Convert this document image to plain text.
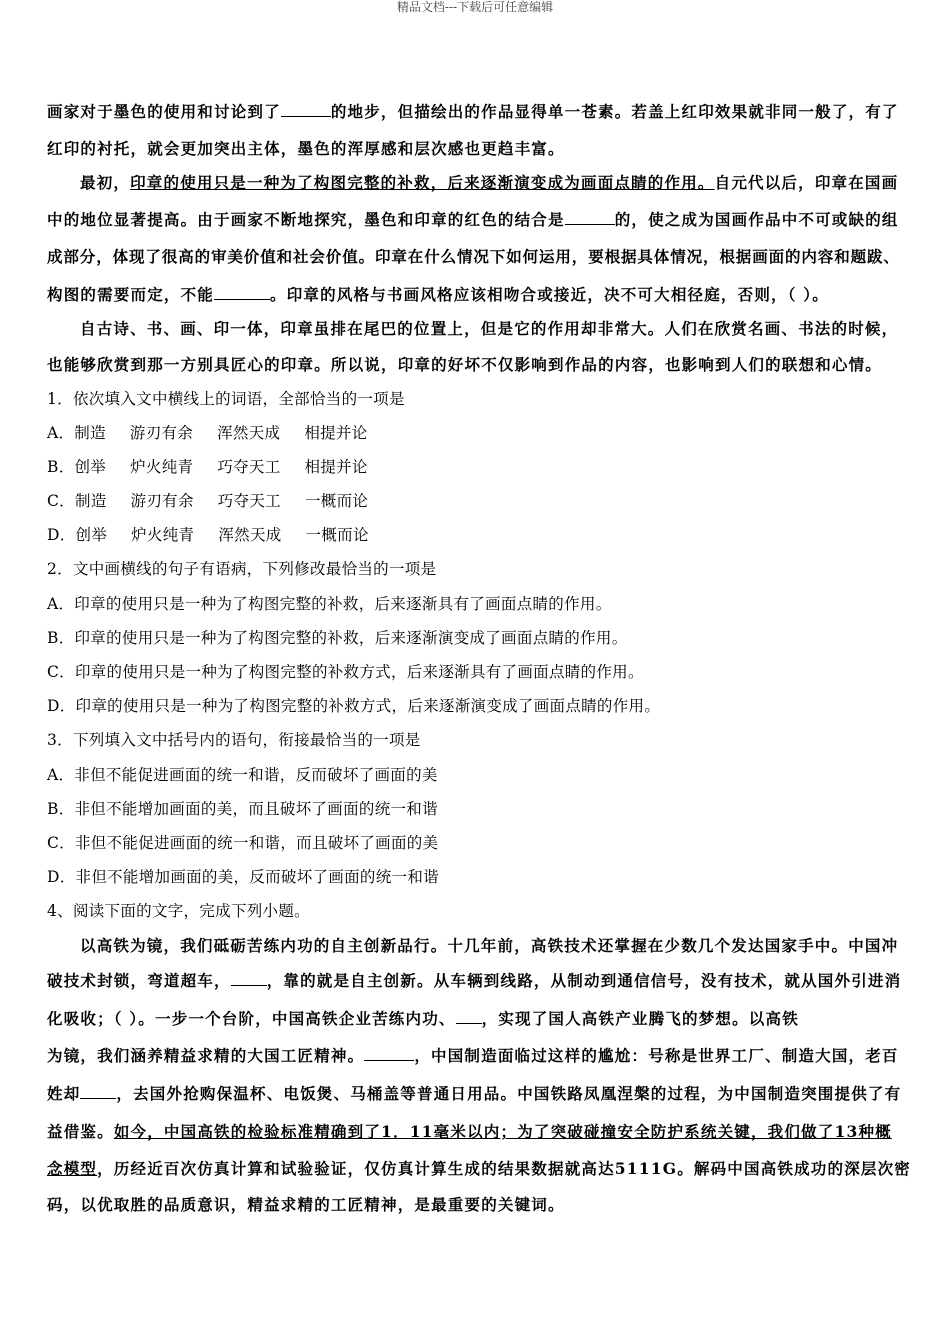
精品文档---下载后可任意编辑
画家对于墨色的使用和讨论到了	的地步，但描绘出的作品显得单一苍素。若盖上红印效果就非同一般了，有了
红印的衬托，就会更加突出主体，墨色的浑厚感和层次感也更趋丰富。
最初，印章的使用只是一种为了构图完整的补救，后来逐渐演变成为画面点睛的作用。自元代以后，印章在国画
中的地位显著提高。由于画家不断地探究，墨色和印章的红色的结合是	的，使之成为国画作品中不可或缺的组
成部分，体现了很高的审美价值和社会价值。印章在什么情况下如何运用，要根据具体情况，根据画面的内容和题跋、
构图的需要而定，不能	。印章的风格与书画风格应该相吻合或接近，决不可大相径庭，否则，（ ）。
自古诗、书、画、印一体，印章虽排在尾巴的位置上，但是它的作用却非常大。人们在欣赏名画、书法的时候，
也能够欣赏到那一方别具匠心的印章。所以说，印章的好坏不仅影响到作品的内容，也影响到人们的联想和心情。
1．依次填入文中横线上的词语，全部恰当的一项是
A．制造 游刃有余 浑然天成 相提并论
B．创举 炉火纯青 巧夺天工 相提并论
C．制造 游刃有余 巧夺天工 一概而论
D．创举 炉火纯青 浑然天成 一概而论
2．文中画横线的句子有语病，下列修改最恰当的一项是
A．印章的使用只是一种为了构图完整的补救，后来逐渐具有了画面点睛的作用。
B．印章的使用只是一种为了构图完整的补救，后来逐渐演变成了画面点睛的作用。
C．印章的使用只是一种为了构图完整的补救方式，后来逐渐具有了画面点睛的作用。
D．印章的使用只是一种为了构图完整的补救方式，后来逐渐演变成了画面点睛的作用。
3．下列填入文中括号内的语句，衔接最恰当的一项是
A．非但不能促进画面的统一和谐，反而破坏了画面的美
B．非但不能增加画面的美，而且破坏了画面的统一和谐
C．非但不能促进画面的统一和谐，而且破坏了画面的美
D．非但不能增加画面的美，反而破坏了画面的统一和谐
4、阅读下面的文字，完成下列小题。
以高铁为镜，我们砥砺苦练内功的自主创新品行。十几年前，高铁技术还掌握在少数几个发达国家手中。中国冲
破技术封锁，弯道超车， ，靠的就是自主创新。从车辆到线路，从制动到通信信号，没有技术，就从国外引进消
化吸收；（ ）。一步一个台阶，中国高铁企业苦练内功、 ，实现了国人高铁产业腾飞的梦想。以高铁
为镜，我们涵养精益求精的大国工匠精神。	，中国制造面临过这样的尴尬：号称是世界工厂、制造大国，老百
姓却 ，去国外抢购保温杯、电饭煲、马桶盖等普通日用品。中国铁路凤凰涅槃的过程，为中国制造突围提供了有
益借鉴。如今，中国高铁的检验标准精确到了1．11毫米以内；为了突破碰撞安全防护系统关键，我们做了13种概
念模型，历经近百次仿真计算和试验验证，仅仿真计算生成的结果数据就高达5111G。解码中国高铁成功的深层次密
码，以优取胜的品质意识，精益求精的工匠精神，是最重要的关键词。
